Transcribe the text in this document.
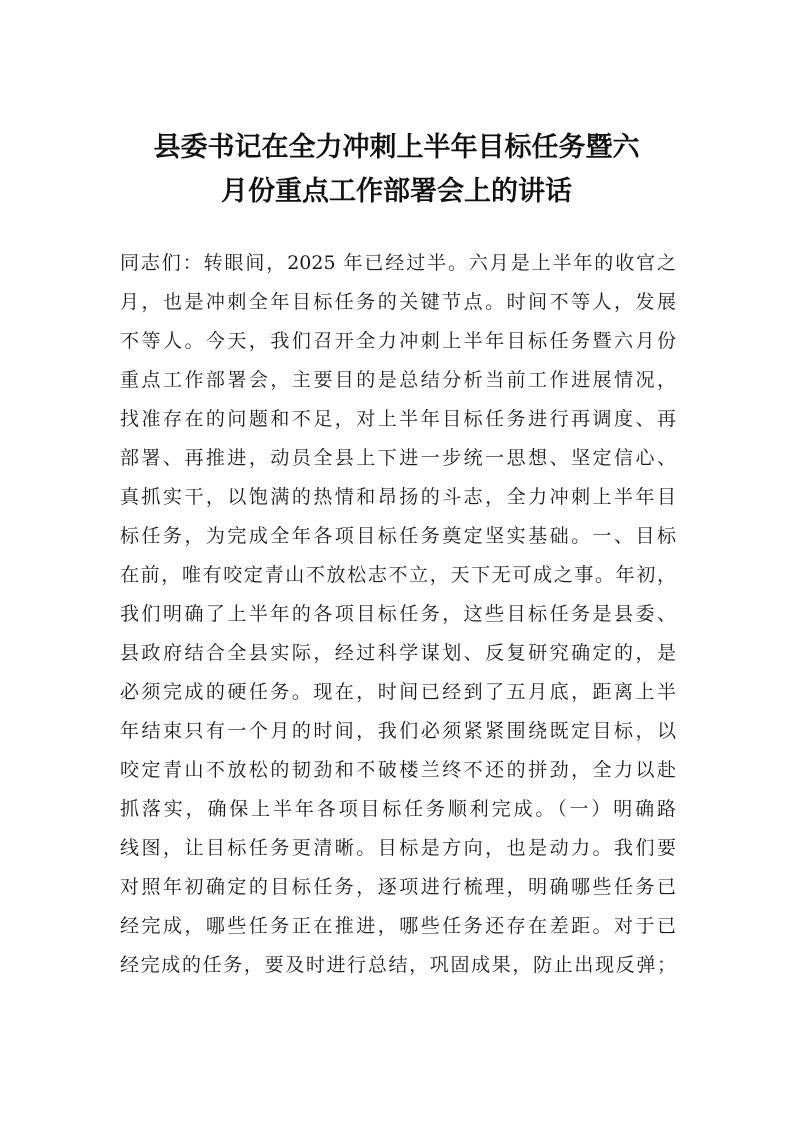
县委书记在全力冲刺上半年目标任务暨六
月份重点工作部署会上的讲话
同志们：转眼间，2025 年已经过半。六月是上半年的收官之
月，也是冲刺全年目标任务的关键节点。时间不等人，发展
不等人。今天，我们召开全力冲刺上半年目标任务暨六月份
重点工作部署会，主要目的是总结分析当前工作进展情况，
找准存在的问题和不足，对上半年目标任务进行再调度、再
部署、再推进，动员全县上下进一步统一思想、坚定信心、
真抓实干，以饱满的热情和昂扬的斗志，全力冲刺上半年目
标任务，为完成全年各项目标任务奠定坚实基础。一、目标
在前，唯有咬定青山不放松志不立，天下无可成之事。年初，
我们明确了上半年的各项目标任务，这些目标任务是县委、
县政府结合全县实际，经过科学谋划、反复研究确定的，是
必须完成的硬任务。现在，时间已经到了五月底，距离上半
年结束只有一个月的时间，我们必须紧紧围绕既定目标，以
咬定青山不放松的韧劲和不破楼兰终不还的拼劲，全力以赴
抓落实，确保上半年各项目标任务顺利完成。（一）明确路
线图，让目标任务更清晰。目标是方向，也是动力。我们要
对照年初确定的目标任务，逐项进行梳理，明确哪些任务已
经完成，哪些任务正在推进，哪些任务还存在差距。对于已
经完成的任务，要及时进行总结，巩固成果，防止出现反弹；
